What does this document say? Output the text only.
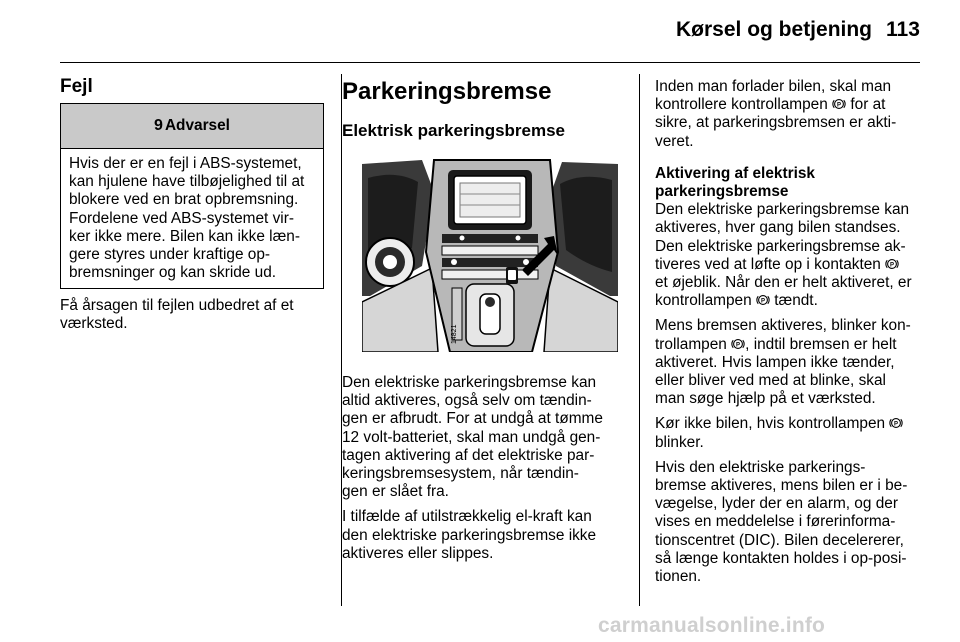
Kørsel og betjening 113
Fejl
9 Advarsel
Hvis der er en fejl i ABS-systemet,
kan hjulene have tilbøjelighed til at
blokere ved en brat opbremsning.
Fordelene ved ABS-systemet vir-
ker ikke mere. Bilen kan ikke læn-
gere styres under kraftige op-
bremsninger og kan skride ud.
Få årsagen til fejlen udbedret af et
værksted.
Parkeringsbremse
Elektrisk parkeringsbremse
14821
Den elektriske parkeringsbremse kan
altid aktiveres, også selv om tændin-
gen er afbrudt. For at undgå at tømme
12 volt-batteriet, skal man undgå gen-
tagen aktivering af det elektriske par-
keringsbremsesystem, når tændin-
gen er slået fra.
I tilfælde af utilstrækkelig el-kraft kan
den elektriske parkeringsbremse ikke
aktiveres eller slippes.
Inden man forlader bilen, skal man
kontrollere kontrollampen P for at
sikre, at parkeringsbremsen er akti-
veret.
Aktivering af elektrisk
parkeringsbremse
Den elektriske parkeringsbremse kan
aktiveres, hver gang bilen standses.
Den elektriske parkeringsbremse ak-
tiveres ved at løfte op i kontakten P
et øjeblik. Når den er helt aktiveret, er
kontrollampen P tændt.
Mens bremsen aktiveres, blinker kon-
trollampen P , indtil bremsen er helt
aktiveret. Hvis lampen ikke tænder,
eller bliver ved med at blinke, skal
man søge hjælp på et værksted.
Kør ikke bilen, hvis kontrollampen P
blinker.
Hvis den elektriske parkerings-
bremse aktiveres, mens bilen er i be-
vægelse, lyder der en alarm, og der
vises en meddelelse i førerinforma-
tionscentret (DIC). Bilen decelererer,
så længe kontakten holdes i op-posi-
tionen.
carmanualsonline.info
